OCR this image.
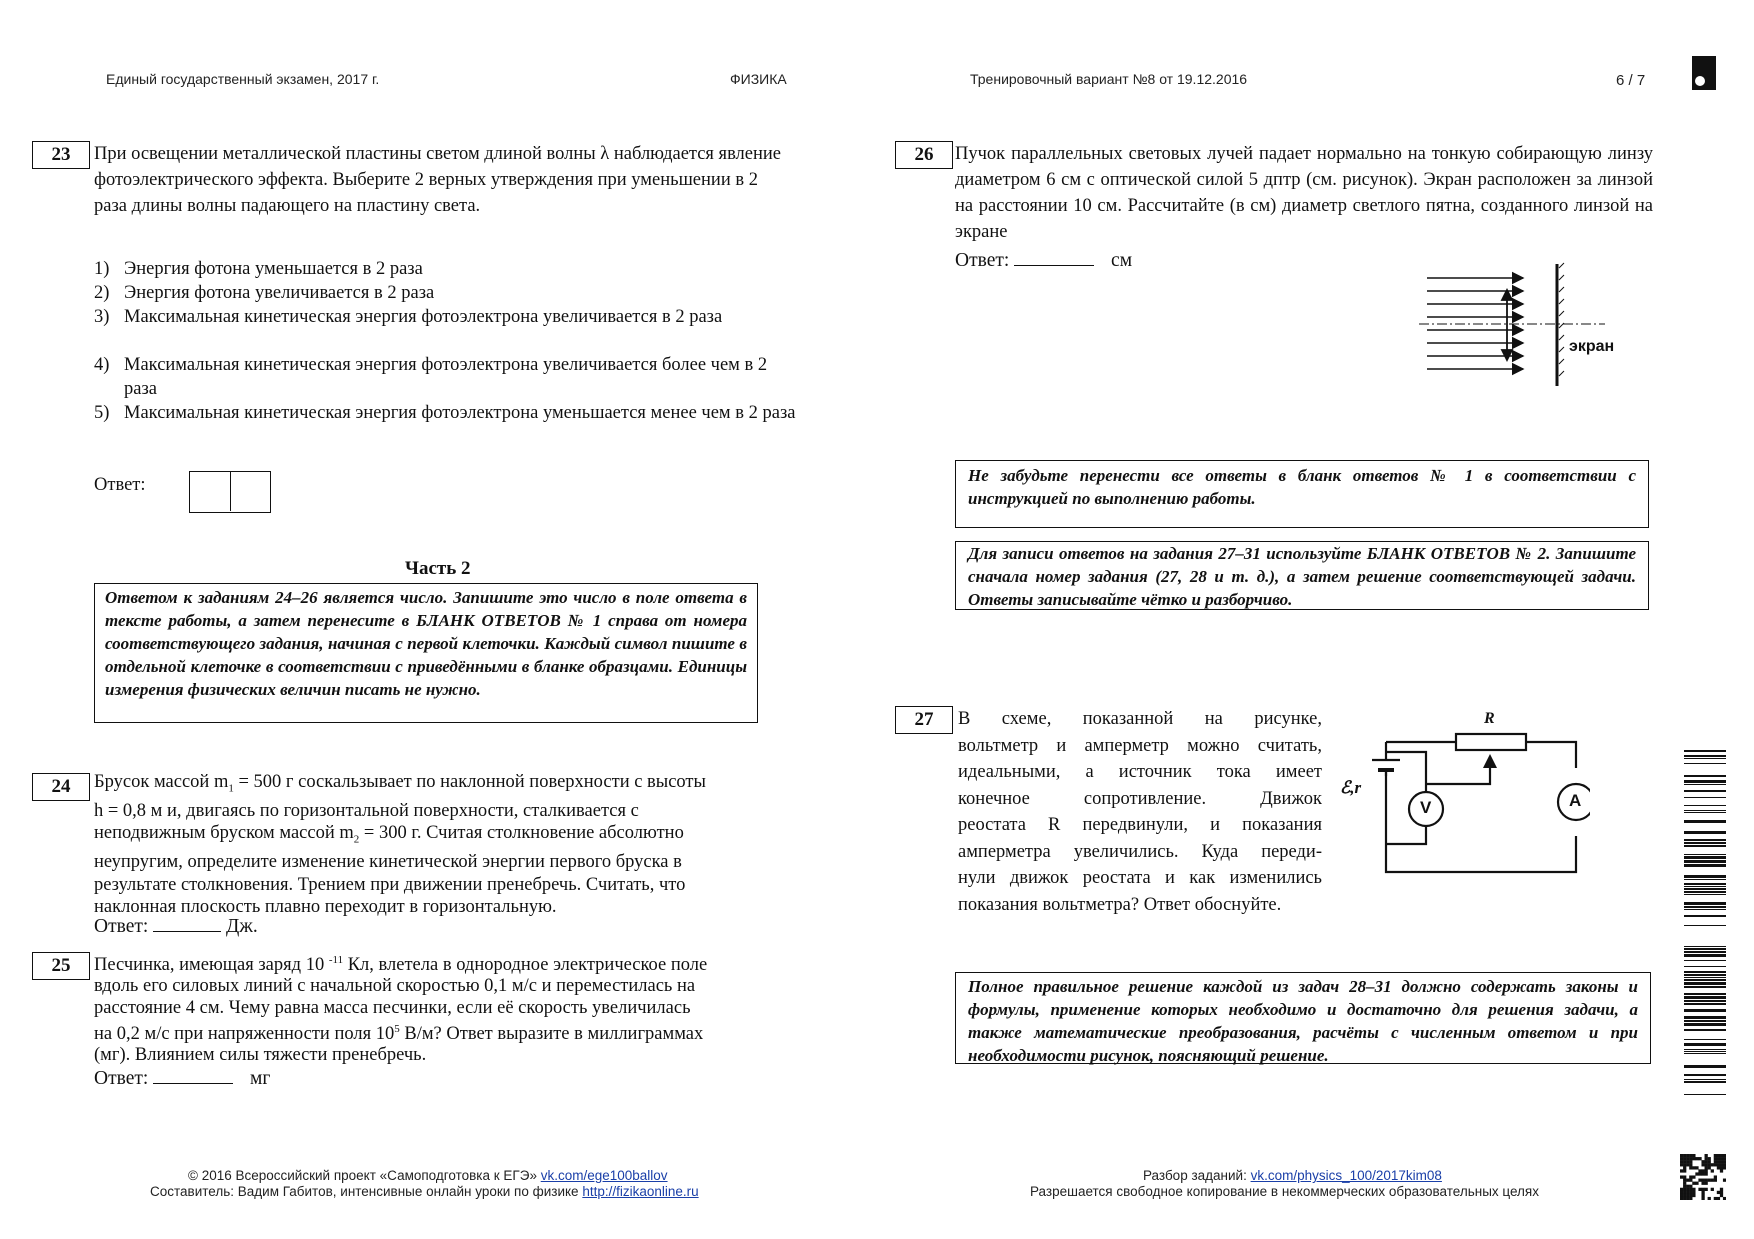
Единый государственный экзамен, 2017 г.	ФИЗИКА	Тренировочный вариант №8 от 19.12.2016	6 / 7
23	При освещении металлической пластины светом длиной волны λ наблюдается явление фотоэлектрического эффекта. Выберите 2 верных утверждения при уменьшении в 2 раза длины волны падающего на пластину света.
1) Энергия фотона уменьшается в 2 раза
2) Энергия фотона увеличивается в 2 раза
3) Максимальная кинетическая энергия фотоэлектрона увеличивается в 2 раза
4) Максимальная кинетическая энергия фотоэлектрона увеличивается более чем в 2 раза
5) Максимальная кинетическая энергия фотоэлектрона уменьшается менее чем в 2 раза
Ответ:
Часть 2
Ответом к заданиям 24–26 является число. Запишите это число в поле ответа в тексте работы, а затем перенесите в БЛАНК ОТВЕТОВ № 1 справа от номера соответствующего задания, начиная с первой клеточки. Каждый символ пишите в отдельной клеточке в соответствии с приведёнными в бланке образцами. Единицы измерения физических величин писать не нужно.
24	Брусок массой $m_1 = 500$ г соскальзывает по наклонной поверхности с высоты
h = 0,8 м и, двигаясь по горизонтальной поверхности, сталкивается с
неподвижным бруском массой $m_2 = 300$ г. Считая столкновение абсолютно
неупругим, определите изменение кинетической энергии первого бруска в
результате столкновения. Трением при движении пренебречь. Считать, что
наклонная плоскость плавно переходит в горизонтальную.
Ответ:	Дж.
25	Песчинка, имеющая заряд 10 $^{-11}$ Кл, влетела в однородное электрическое поле
вдоль его силовых линий с начальной скоростью 0,1 м/с и переместилась на
расстояние 4 см. Чему равна масса песчинки, если её скорость увеличилась
на 0,2 м/с при напряженности поля $10^5$ В/м? Ответ выразите в миллиграммах
(мг). Влиянием силы тяжести пренебречь.
Ответ:	мг
26	Пучок параллельных световых лучей падает нормально на тонкую собирающую линзу диаметром 6 см с оптической силой 5 дптр (см. рисунок). Экран расположен за линзой на расстоянии 10 см. Рассчитайте (в см) диаметр светлого пятна, созданного линзой на экране
Ответ:	см
экран
Не забудьте перенести все ответы в бланк ответов № 1 в соответствии с инструкцией по выполнению работы.
Для записи ответов на задания 27–31 используйте БЛАНК ОТВЕТОВ № 2. Запишите сначала номер задания (27, 28 и т. д.), а затем решение соответствующей задачи. Ответы записывайте чётко и разборчиво.
27	В схеме, показанной на рисунке,
вольтметр и амперметр можно считать,
идеальными, а источник тока имеет
конечное сопротивление. Движок
реостата R передвинули, и показания
амперметра увеличились. Куда переди-
нули движок реостата и как изменились
показания вольтметра? Ответ обоснуйте.
R
ℰ,r
V	A
Полное правильное решение каждой из задач 28–31 должно содержать законы и формулы, применение которых необходимо и достаточно для решения задачи, а также математические преобразования, расчёты с численным ответом и при необходимости рисунок, поясняющий решение.
© 2016 Всероссийский проект «Самоподготовка к ЕГЭ» vk.com/ege100ballov
Составитель: Вадим Габитов, интенсивные онлайн уроки по физике http://fizikaonline.ru
Разбор заданий: vk.com/physics_100/2017kim08
Разрешается свободное копирование в некоммерческих образовательных целях
